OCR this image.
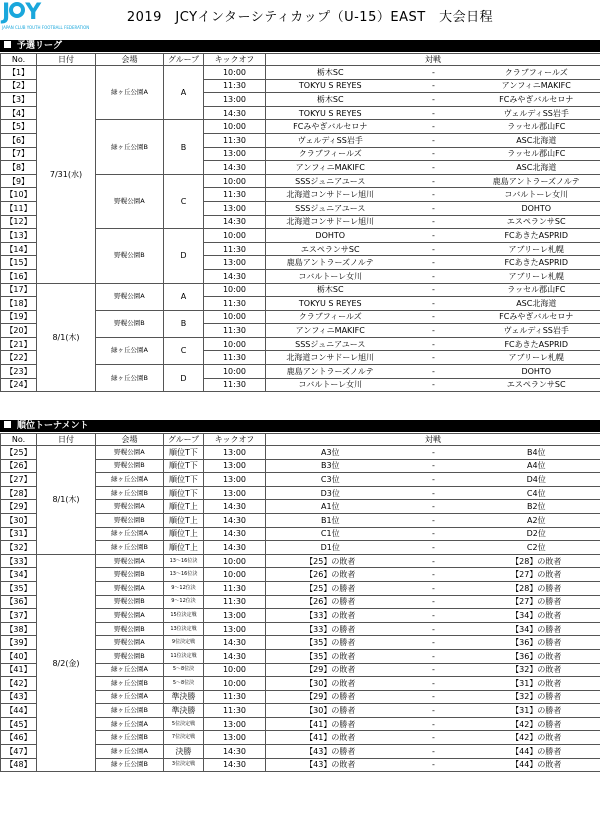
J Y
JAPAN CLUB YOUTH FOOTBALL FEDERATION
2019　JCYインターシティカップ（U-15）EAST　大会日程
予選リーグ
No.	日付	会場	グループ	キックオフ	対戦		
【1】	7/31(水)	緑ヶ丘公園A	A	10:00	栃木SC	-	クラブフィールズ
【2】				11:30	TOKYU S REYES	-	アンフィニMAKIFC
【3】				13:00	栃木SC	-	FCみやぎバルセロナ
【4】				14:30	TOKYU S REYES	-	ヴェルディSS岩手
【5】		緑ヶ丘公園B	B	10:00	FCみやぎバルセロナ	-	ラッセル郡山FC
【6】				11:30	ヴェルディSS岩手	-	ASC北海道
【7】				13:00	クラブフィールズ	-	ラッセル郡山FC
【8】				14:30	アンフィニMAKIFC	-	ASC北海道
【9】		野幌公園A	C	10:00	SSSジュニアユース	-	鹿島アントラーズノルテ
【10】				11:30	北海道コンサドーレ旭川	-	コバルトーレ女川
【11】				13:00	SSSジュニアユース	-	DOHTO
【12】				14:30	北海道コンサドーレ旭川	-	エスペランサSC
【13】		野幌公園B	D	10:00	DOHTO	-	FCあきたASPRID
【14】				11:30	エスペランサSC	-	アブリーレ札幌
【15】				13:00	鹿島アントラーズノルテ	-	FCあきたASPRID
【16】				14:30	コバルトーレ女川	-	アブリーレ札幌
【17】	8/1(木)	野幌公園A	A	10:00	栃木SC	-	ラッセル郡山FC
【18】				11:30	TOKYU S REYES	-	ASC北海道
【19】		野幌公園B	B	10:00	クラブフィールズ	-	FCみやぎバルセロナ
【20】				11:30	アンフィニMAKIFC	-	ヴェルディSS岩手
【21】		緑ヶ丘公園A	C	10:00	SSSジュニアユース	-	FCあきたASPRID
【22】				11:30	北海道コンサドーレ旭川	-	アブリーレ札幌
【23】		緑ヶ丘公園B	D	10:00	鹿島アントラーズノルテ	-	DOHTO
【24】				11:30	コバルトーレ女川	-	エスペランサSC
順位トーナメント
No.	日付	会場	グループ	キックオフ	対戦		
【25】	8/1(木)	野幌公園A	順位T下	13:00	A3位	-	B4位
【26】		野幌公園B	順位T下	13:00	B3位	-	A4位
【27】		緑ヶ丘公園A	順位T下	13:00	C3位	-	D4位
【28】		緑ヶ丘公園B	順位T下	13:00	D3位	-	C4位
【29】		野幌公園A	順位T上	14:30	A1位	-	B2位
【30】		野幌公園B	順位T上	14:30	B1位	-	A2位
【31】		緑ヶ丘公園A	順位T上	14:30	C1位	-	D2位
【32】		緑ヶ丘公園B	順位T上	14:30	D1位	-	C2位
【33】	8/2(金)	野幌公園A	13～16位決	10:00	【25】の敗者	-	【28】の敗者
【34】		野幌公園B	13～16位決	10:00	【26】の敗者	-	【27】の敗者
【35】		野幌公園A	9～12位決	11:30	【25】の勝者	-	【28】の勝者
【36】		野幌公園B	9～12位決	11:30	【26】の勝者	-	【27】の勝者
【37】		野幌公園A	15位決定戦	13:00	【33】の敗者	-	【34】の敗者
【38】		野幌公園B	13位決定戦	13:00	【33】の勝者	-	【34】の勝者
【39】		野幌公園A	9位決定戦	14:30	【35】の勝者	-	【36】の勝者
【40】		野幌公園B	11位決定戦	14:30	【35】の敗者	-	【36】の敗者
【41】		緑ヶ丘公園A	5～8位決	10:00	【29】の敗者	-	【32】の敗者
【42】		緑ヶ丘公園B	5～8位決	10:00	【30】の敗者	-	【31】の敗者
【43】		緑ヶ丘公園A	準決勝	11:30	【29】の勝者	-	【32】の勝者
【44】		緑ヶ丘公園B	準決勝	11:30	【30】の勝者	-	【31】の勝者
【45】		緑ヶ丘公園A	5位決定戦	13:00	【41】の勝者	-	【42】の勝者
【46】		緑ヶ丘公園B	7位決定戦	13:00	【41】の敗者	-	【42】の敗者
【47】		緑ヶ丘公園A	決勝	14:30	【43】の勝者	-	【44】の勝者
【48】		緑ヶ丘公園B	3位決定戦	14:30	【43】の敗者	-	【44】の敗者
